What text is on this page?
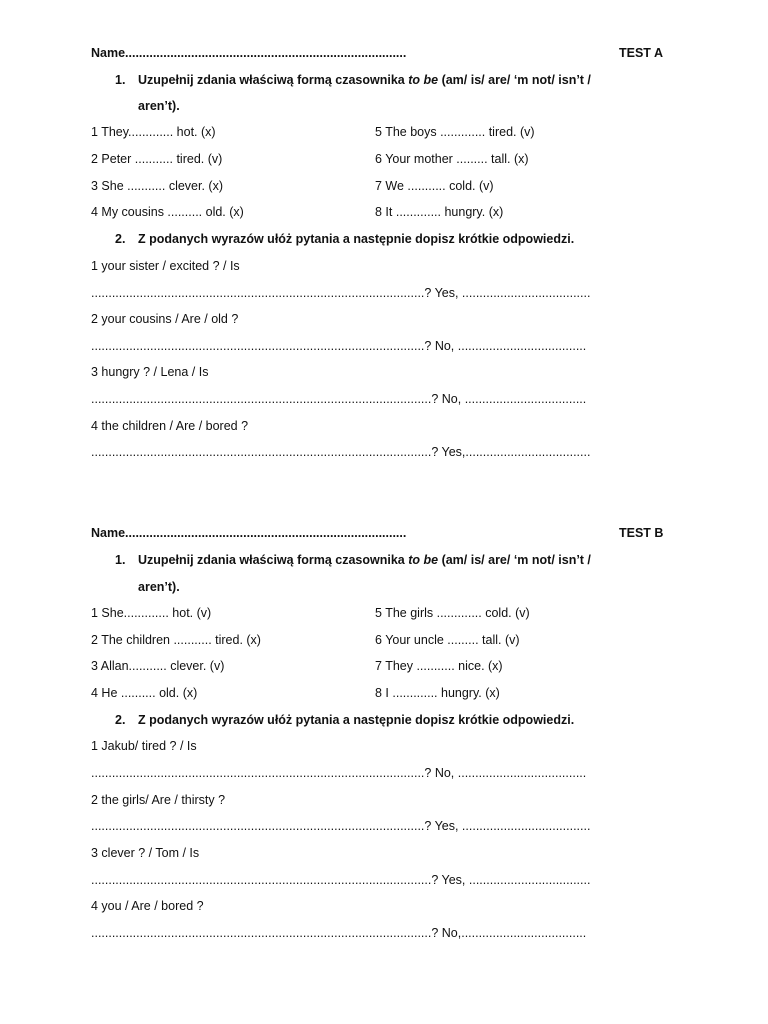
Name.................................................................................	TEST A
1. Uzupełnij zdania właściwą formą czasownika to be (am/ is/ are/ ‘m not/ isn’t /
aren’t).
1 They............. hot. (x)	5 The boys ............. tired. (v)
2 Peter ........... tired. (v)	6 Your mother ......... tall. (x)
3 She ........... clever. (x)	7 We ........... cold. (v)
4 My cousins .......... old. (x)	8 It ............. hungry. (x)
2. Z podanych wyrazów ułóż pytania a następnie dopisz krótkie odpowiedzi.
1 your sister / excited ? / Is
................................................................................................? Yes, .....................................
2 your cousins / Are / old ?
................................................................................................? No, .....................................
3 hungry ? / Lena / Is
..................................................................................................? No, ...................................
4 the children / Are / bored ?
..................................................................................................? Yes,....................................
Name.................................................................................	TEST B
1. Uzupełnij zdania właściwą formą czasownika to be (am/ is/ are/ ‘m not/ isn’t /
aren’t).
1 She............. hot. (v)	5 The girls ............. cold. (v)
2 The children ........... tired. (x)	6 Your uncle ......... tall. (v)
3 Allan........... clever. (v)	7 They ........... nice. (x)
4 He .......... old. (x)	8 I ............. hungry. (x)
2. Z podanych wyrazów ułóż pytania a następnie dopisz krótkie odpowiedzi.
1 Jakub/ tired ? / Is
................................................................................................? No, .....................................
2 the girls/ Are / thirsty ?
................................................................................................? Yes, .....................................
3 clever ? / Tom / Is
..................................................................................................? Yes, ...................................
4 you / Are / bored ?
..................................................................................................? No,....................................
